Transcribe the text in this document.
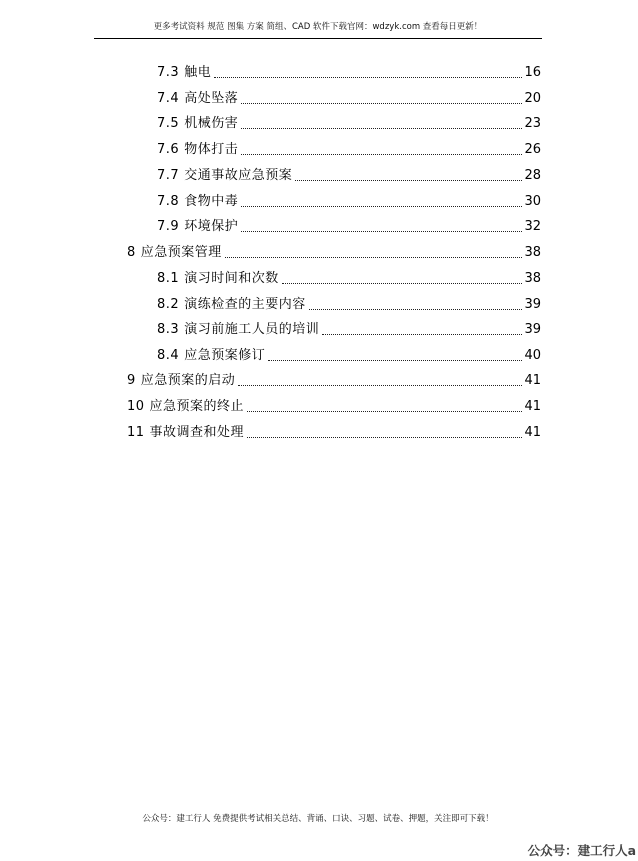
更多考试资料 规范 图集 方案 简组、CAD 软件下载官网：wdzyk.com 查看每日更新！
7.3 触电	16
7.4 高处坠落	20
7.5 机械伤害	23
7.6 物体打击	26
7.7 交通事故应急预案	28
7.8 食物中毒	30
7.9 环境保护	32
8 应急预案管理	38
8.1 演习时间和次数	38
8.2 演练检查的主要内容	39
8.3 演习前施工人员的培训	39
8.4 应急预案修订	40
9 应急预案的启动	41
10 应急预案的终止	41
11 事故调查和处理	41
公众号：建工行人 免费提供考试相关总结、背诵、口诀、习题、试卷、押题，关注即可下载！
公众号：建工行人a
